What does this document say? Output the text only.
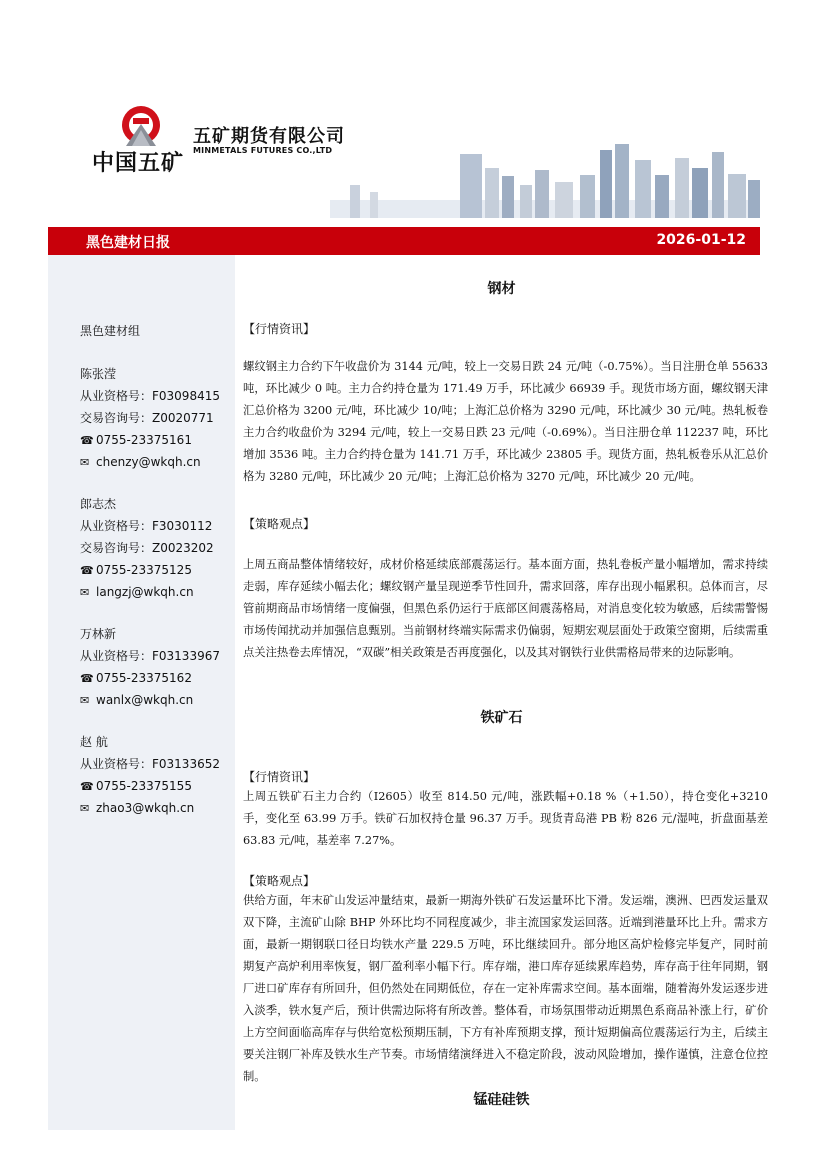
中国五矿
五矿期货有限公司
MINMETALS FUTURES CO.,LTD
黑色建材日报	2026-01-12
黑色建材组
陈张滢
从业资格号：F03098415
交易咨询号：Z0020771
☎ 0755-23375161
✉ chenzy@wkqh.cn
郎志杰
从业资格号：F3030112
交易咨询号：Z0023202
☎ 0755-23375125
✉ langzj@wkqh.cn
万林新
从业资格号：F03133967
☎ 0755-23375162
✉ wanlx@wkqh.cn
赵 航
从业资格号：F03133652
☎ 0755-23375155
✉ zhao3@wkqh.cn
钢材
【行情资讯】
螺纹钢主力合约下午收盘价为 3144 元/吨，较上一交易日跌 24 元/吨（-0.75%）。当日注册仓单 55633 吨，环比减少 0 吨。主力合约持仓量为 171.49 万手，环比减少 66939 手。现货市场方面，螺纹钢天津汇总价格为 3200 元/吨，环比减少 10/吨；上海汇总价格为 3290 元/吨，环比减少 30 元/吨。热轧板卷主力合约收盘价为 3294 元/吨，较上一交易日跌 23 元/吨（-0.69%）。当日注册仓单 112237 吨，环比增加 3536 吨。主力合约持仓量为 141.71 万手，环比减少 23805 手。现货方面，热轧板卷乐从汇总价格为 3280 元/吨，环比减少 20 元/吨；上海汇总价格为 3270 元/吨，环比减少 20 元/吨。
【策略观点】
上周五商品整体情绪较好，成材价格延续底部震荡运行。基本面方面，热轧卷板产量小幅增加，需求持续走弱，库存延续小幅去化；螺纹钢产量呈现逆季节性回升，需求回落，库存出现小幅累积。总体而言，尽管前期商品市场情绪一度偏强，但黑色系仍运行于底部区间震荡格局，对消息变化较为敏感，后续需警惕市场传闻扰动并加强信息甄别。当前钢材终端实际需求仍偏弱，短期宏观层面处于政策空窗期，后续需重点关注热卷去库情况，“双碳”相关政策是否再度强化，以及其对钢铁行业供需格局带来的边际影响。
铁矿石
【行情资讯】
上周五铁矿石主力合约（I2605）收至 814.50 元/吨，涨跌幅+0.18 %（+1.50），持仓变化+3210 手，变化至 63.99 万手。铁矿石加权持仓量 96.37 万手。现货青岛港 PB 粉 826 元/湿吨，折盘面基差 63.83 元/吨，基差率 7.27%。
【策略观点】
供给方面，年末矿山发运冲量结束，最新一期海外铁矿石发运量环比下滑。发运端，澳洲、巴西发运量双双下降，主流矿山除 BHP 外环比均不同程度减少，非主流国家发运回落。近端到港量环比上升。需求方面，最新一期钢联口径日均铁水产量 229.5 万吨，环比继续回升。部分地区高炉检修完毕复产，同时前期复产高炉利用率恢复，钢厂盈利率小幅下行。库存端，港口库存延续累库趋势，库存高于往年同期，钢厂进口矿库存有所回升，但仍然处在同期低位，存在一定补库需求空间。基本面端，随着海外发运逐步进入淡季，铁水复产后，预计供需边际将有所改善。整体看，市场氛围带动近期黑色系商品补涨上行，矿价上方空间面临高库存与供给宽松预期压制，下方有补库预期支撑，预计短期偏高位震荡运行为主，后续主要关注钢厂补库及铁水生产节奏。市场情绪演绎进入不稳定阶段，波动风险增加，操作谨慎，注意仓位控制。
锰硅硅铁
